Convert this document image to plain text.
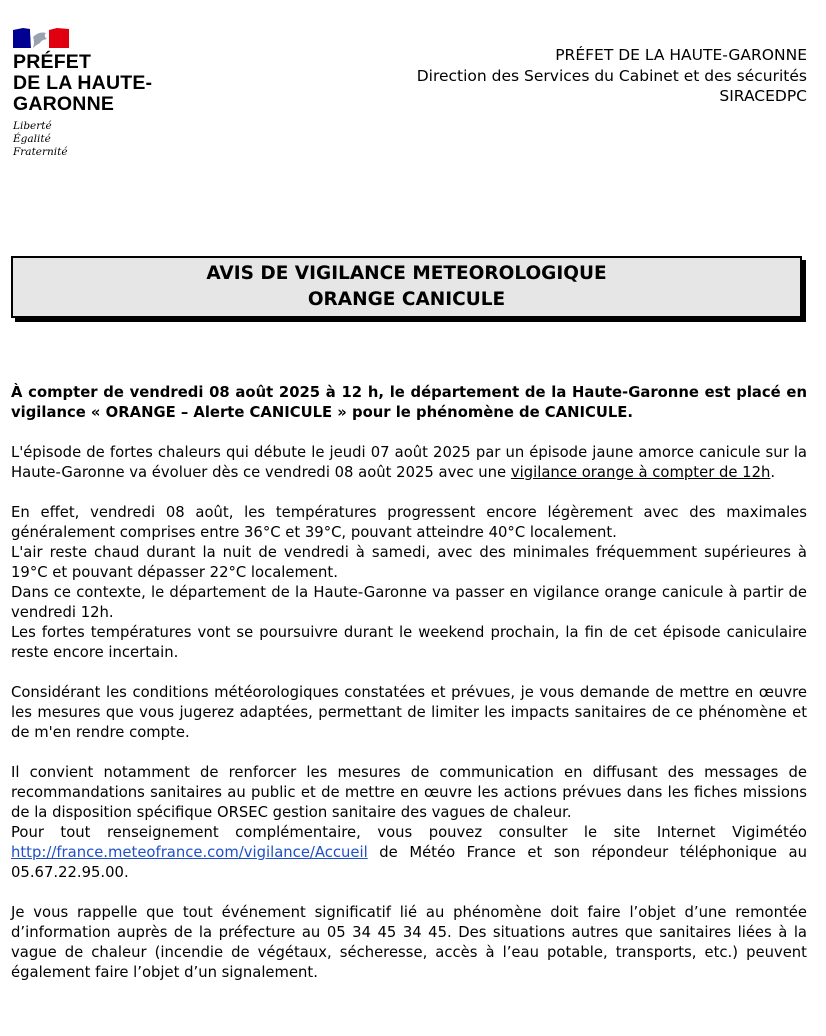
PRÉFET
DE LA HAUTE-
GARONNE
Liberté
Égalité
Fraternité
PRÉFET DE LA HAUTE-GARONNE
Direction des Services du Cabinet et des sécurités
SIRACEDPC
AVIS DE VIGILANCE METEOROLOGIQUE
ORANGE CANICULE

À compter de vendredi 08 août 2025 à 12 h, le département de la Haute-Garonne est placé en vigilance « ORANGE – Alerte CANICULE » pour le phénomène de CANICULE.

L'épisode de fortes chaleurs qui débute le jeudi 07 août 2025 par un épisode jaune amorce canicule sur la Haute-Garonne va évoluer dès ce vendredi 08 août 2025 avec une vigilance orange à compter de 12h.

En effet, vendredi 08 août, les températures progressent encore légèrement avec des maximales généralement comprises entre 36°C et 39°C, pouvant atteindre 40°C localement.
L'air reste chaud durant la nuit de vendredi à samedi, avec des minimales fréquemment supérieures à 19°C et pouvant dépasser 22°C localement.
Dans ce contexte, le département de la Haute-Garonne va passer en vigilance orange canicule à partir de vendredi 12h.
Les fortes températures vont se poursuivre durant le weekend prochain, la fin de cet épisode caniculaire reste encore incertain.

Considérant les conditions météorologiques constatées et prévues, je vous demande de mettre en œuvre les mesures que vous jugerez adaptées, permettant de limiter les impacts sanitaires de ce phénomène et de m'en rendre compte.

Il convient notamment de renforcer les mesures de communication en diffusant des messages de recommandations sanitaires au public et de mettre en œuvre les actions prévues dans les fiches missions de la disposition spécifique ORSEC gestion sanitaire des vagues de chaleur.
Pour tout renseignement complémentaire, vous pouvez consulter le site Internet Vigimétéo http://france.meteofrance.com/vigilance/Accueil de Météo France et son répondeur téléphonique au 05.67.22.95.00.

Je vous rappelle que tout événement significatif lié au phénomène doit faire l’objet d’une remontée d’information auprès de la préfecture au 05 34 45 34 45. Des situations autres que sanitaires liées à la vague de chaleur (incendie de végétaux, sécheresse, accès à l’eau potable, transports, etc.) peuvent également faire l’objet d’un signalement.
